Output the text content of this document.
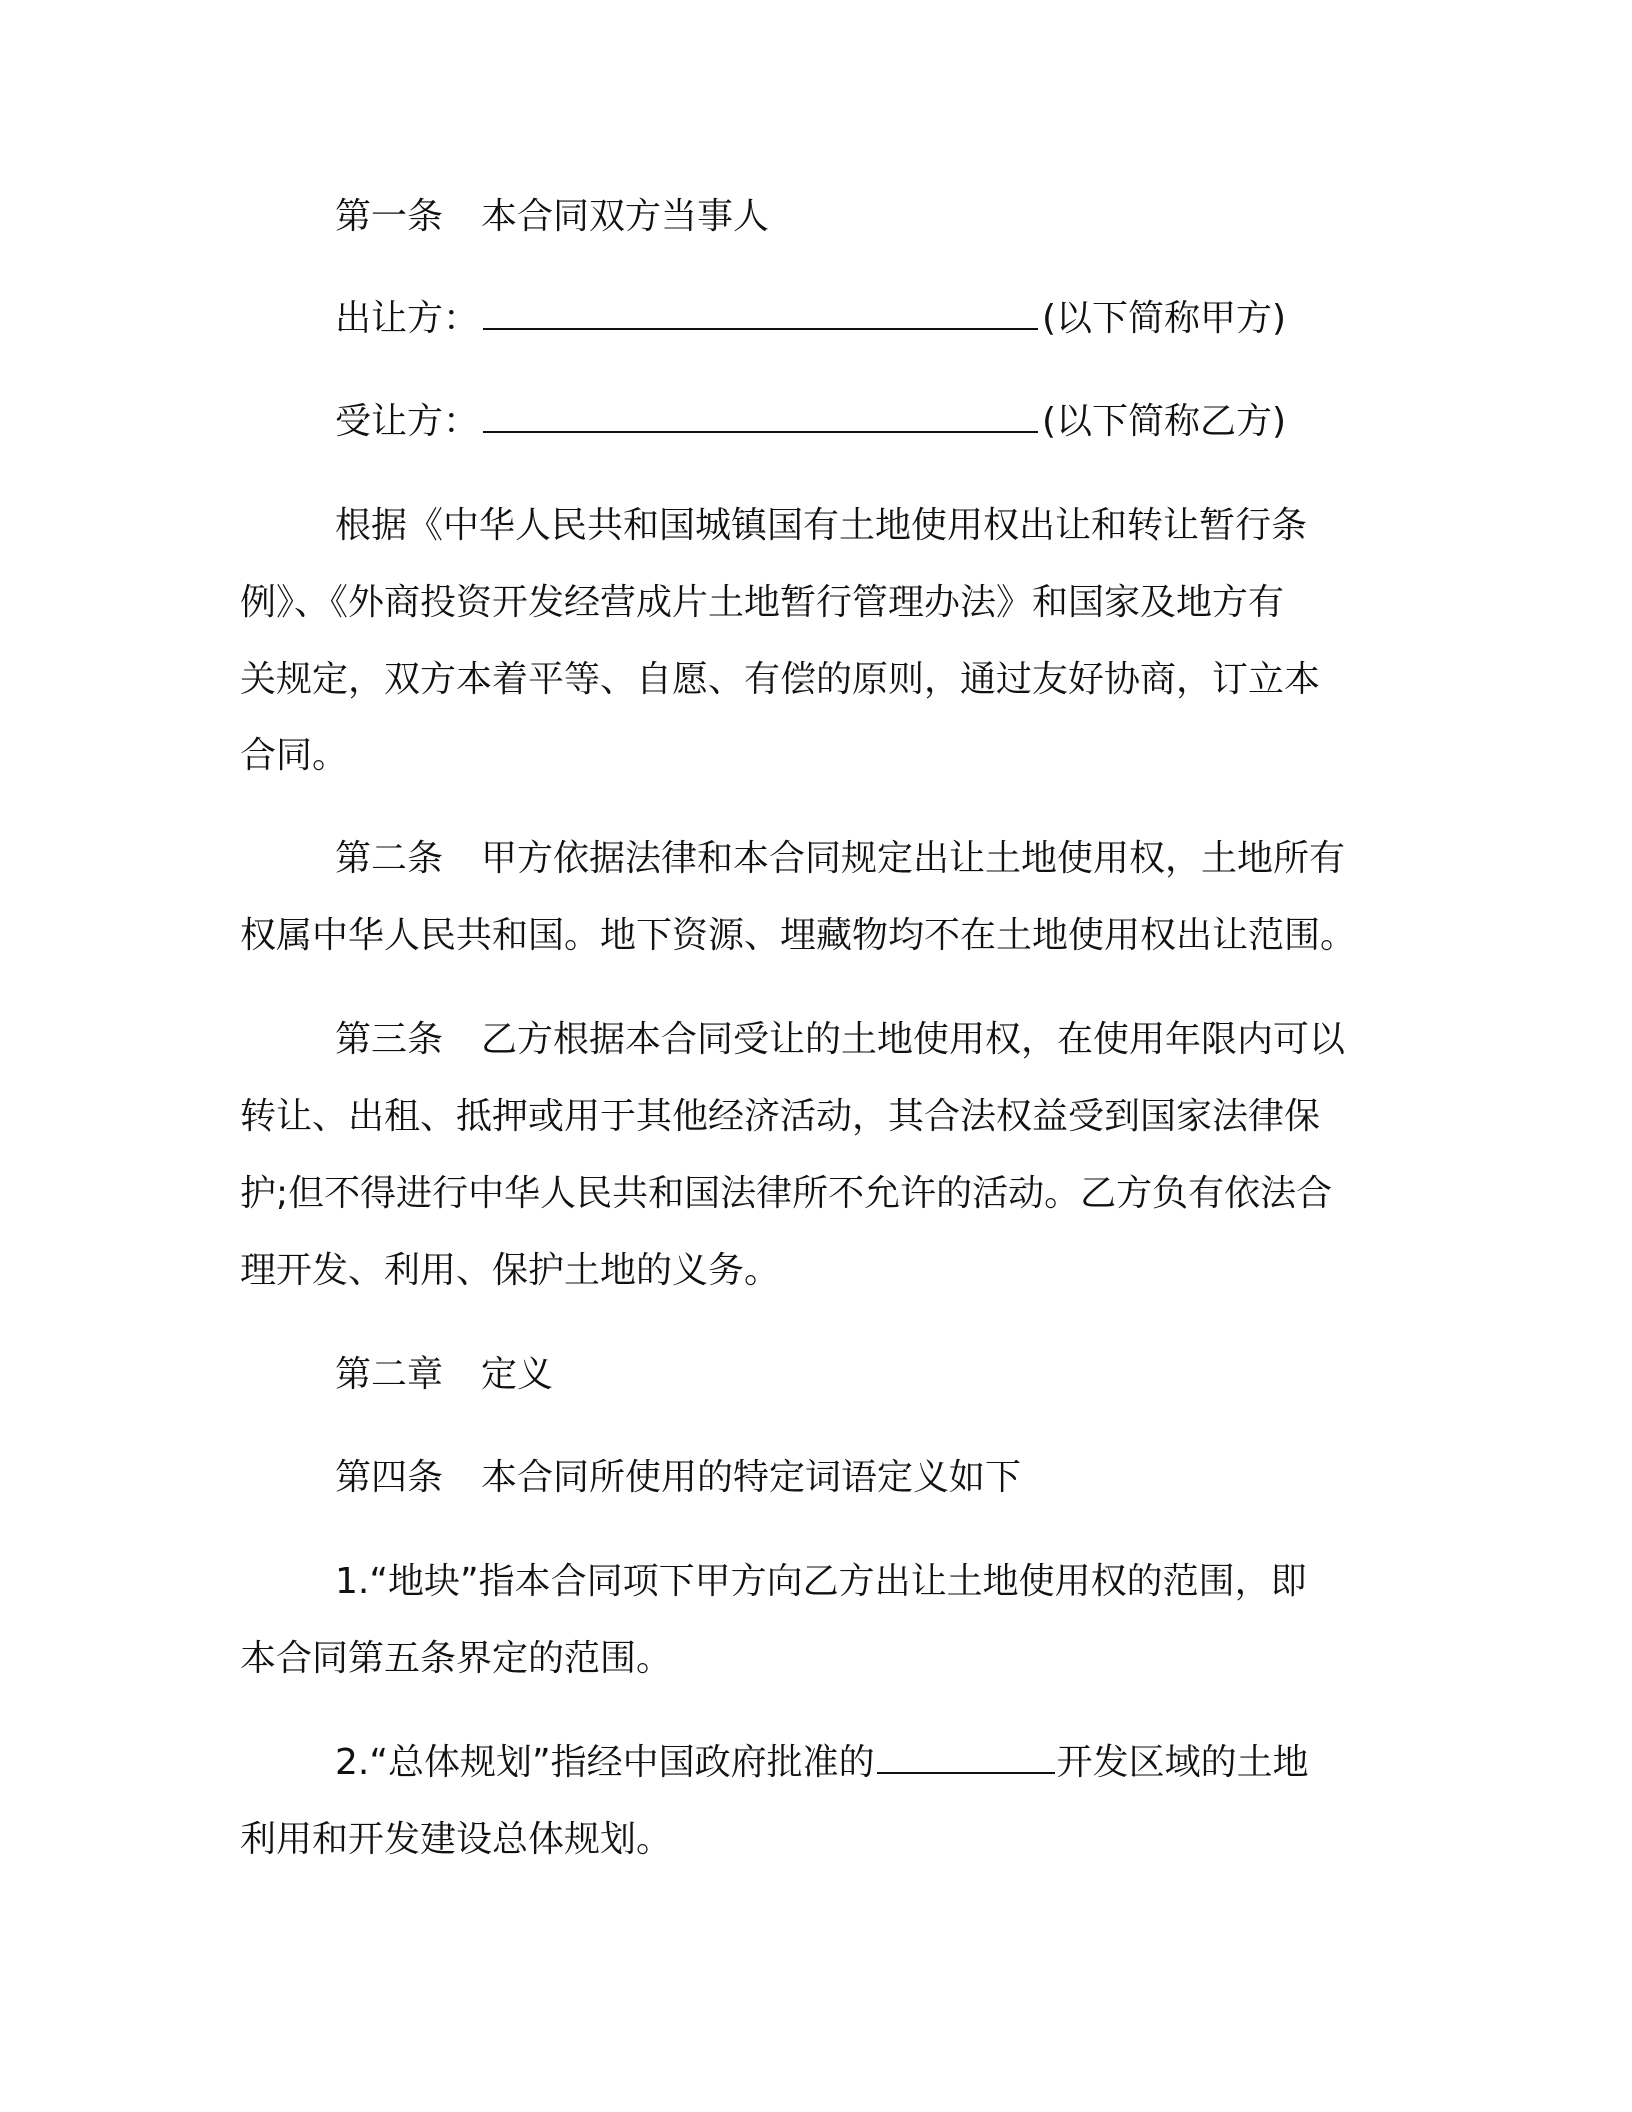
第一条 本合同双方当事人
出让方：	(以下简称甲方)
受让方：	(以下简称乙方)
根据《中华人民共和国城镇国有土地使用权出让和转让暂行条
例》、《外商投资开发经营成片土地暂行管理办法》和国家及地方有
关规定，双方本着平等、自愿、有偿的原则，通过友好协商，订立本
合同。
第二条 甲方依据法律和本合同规定出让土地使用权，土地所有
权属中华人民共和国。地下资源、埋藏物均不在土地使用权出让范围。
第三条 乙方根据本合同受让的土地使用权，在使用年限内可以
转让、出租、抵押或用于其他经济活动，其合法权益受到国家法律保
护;但不得进行中华人民共和国法律所不允许的活动。乙方负有依法合
理开发、利用、保护土地的义务。
第二章 定义
第四条 本合同所使用的特定词语定义如下
1.“地块”指本合同项下甲方向乙方出让土地使用权的范围，即
本合同第五条界定的范围。
2.“总体规划”指经中国政府批准的	开发区域的土地
利用和开发建设总体规划。
